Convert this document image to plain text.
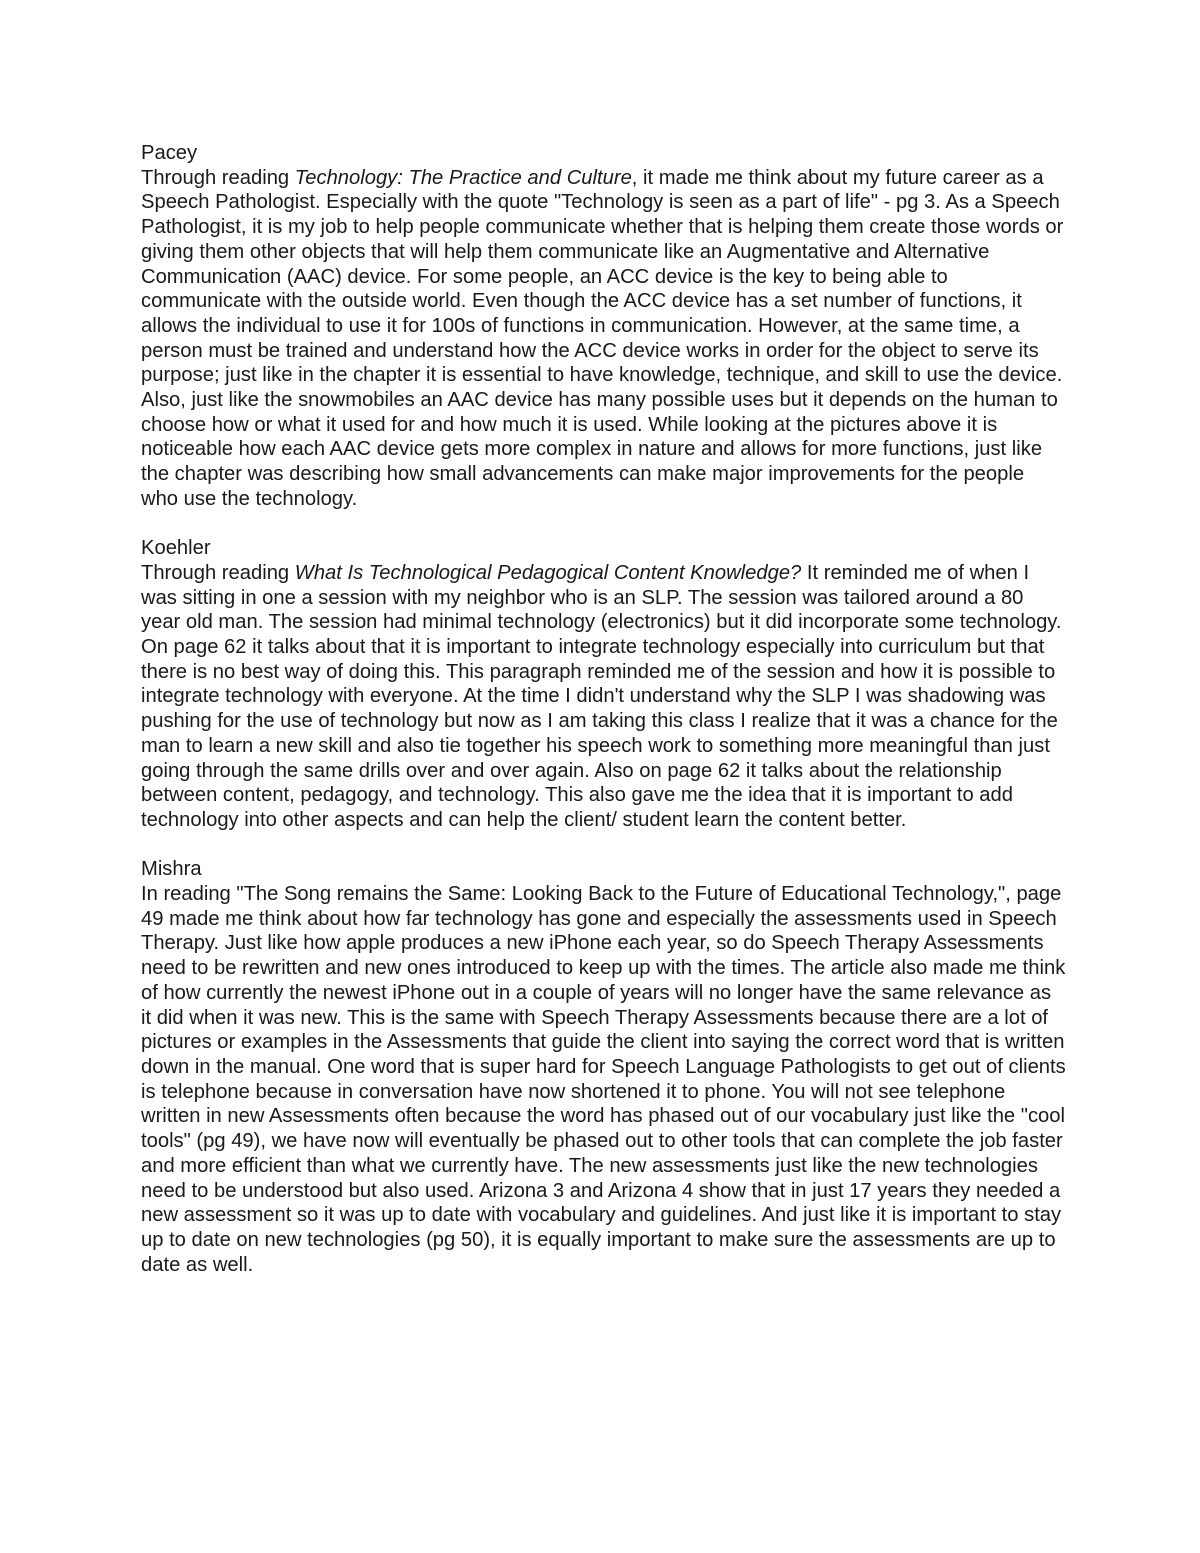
Pacey
Through reading Technology: The Practice and Culture, it made me think about my future career as a Speech Pathologist. Especially with the quote "Technology is seen as a part of life" - pg 3. As a Speech Pathologist, it is my job to help people communicate whether that is helping them create those words or giving them other objects that will help them communicate like an Augmentative and Alternative Communication (AAC) device. For some people, an ACC device is the key to being able to communicate with the outside world. Even though the ACC device has a set number of functions, it allows the individual to use it for 100s of functions in communication. However, at the same time, a person must be trained and understand how the ACC device works in order for the object to serve its purpose; just like in the chapter it is essential to have knowledge, technique, and skill to use the device. Also, just like the snowmobiles an AAC device has many possible uses but it depends on the human to choose how or what it used for and how much it is used. While looking at the pictures above it is noticeable how each AAC device gets more complex in nature and allows for more functions, just like the chapter was describing how small advancements can make major improvements for the people who use the technology.
Koehler
Through reading What Is Technological Pedagogical Content Knowledge? It reminded me of when I was sitting in one a session with my neighbor who is an SLP. The session was tailored around a 80 year old man. The session had minimal technology (electronics) but it did incorporate some technology. On page 62 it talks about that it is important to integrate technology especially into curriculum but that there is no best way of doing this. This paragraph reminded me of the session and how it is possible to integrate technology with everyone. At the time I didn't understand why the SLP I was shadowing was pushing for the use of technology but now as I am taking this class I realize that it was a chance for the man to learn a new skill and also tie together his speech work to something more meaningful than just going through the same drills over and over again. Also on page 62 it talks about the relationship between content, pedagogy, and technology. This also gave me the idea that it is important to add technology into other aspects and can help the client/ student learn the content better.
Mishra
In reading "The Song remains the Same: Looking Back to the Future of Educational Technology,", page 49 made me think about how far technology has gone and especially the assessments used in Speech Therapy. Just like how apple produces a new iPhone each year, so do Speech Therapy Assessments need to be rewritten and new ones introduced to keep up with the times. The article also made me think of how currently the newest iPhone out in a couple of years will no longer have the same relevance as it did when it was new. This is the same with Speech Therapy Assessments because there are a lot of pictures or examples in the Assessments that guide the client into saying the correct word that is written down in the manual. One word that is super hard for Speech Language Pathologists to get out of clients is telephone because in conversation have now shortened it to phone. You will not see telephone written in new Assessments often because the word has phased out of our vocabulary just like the "cool tools" (pg 49), we have now will eventually be phased out to other tools that can complete the job faster and more efficient than what we currently have. The new assessments just like the new technologies need to be understood but also used. Arizona 3 and Arizona 4 show that in just 17 years they needed a new assessment so it was up to date with vocabulary and guidelines. And just like it is important to stay up to date on new technologies (pg 50), it is equally important to make sure the assessments are up to date as well.
